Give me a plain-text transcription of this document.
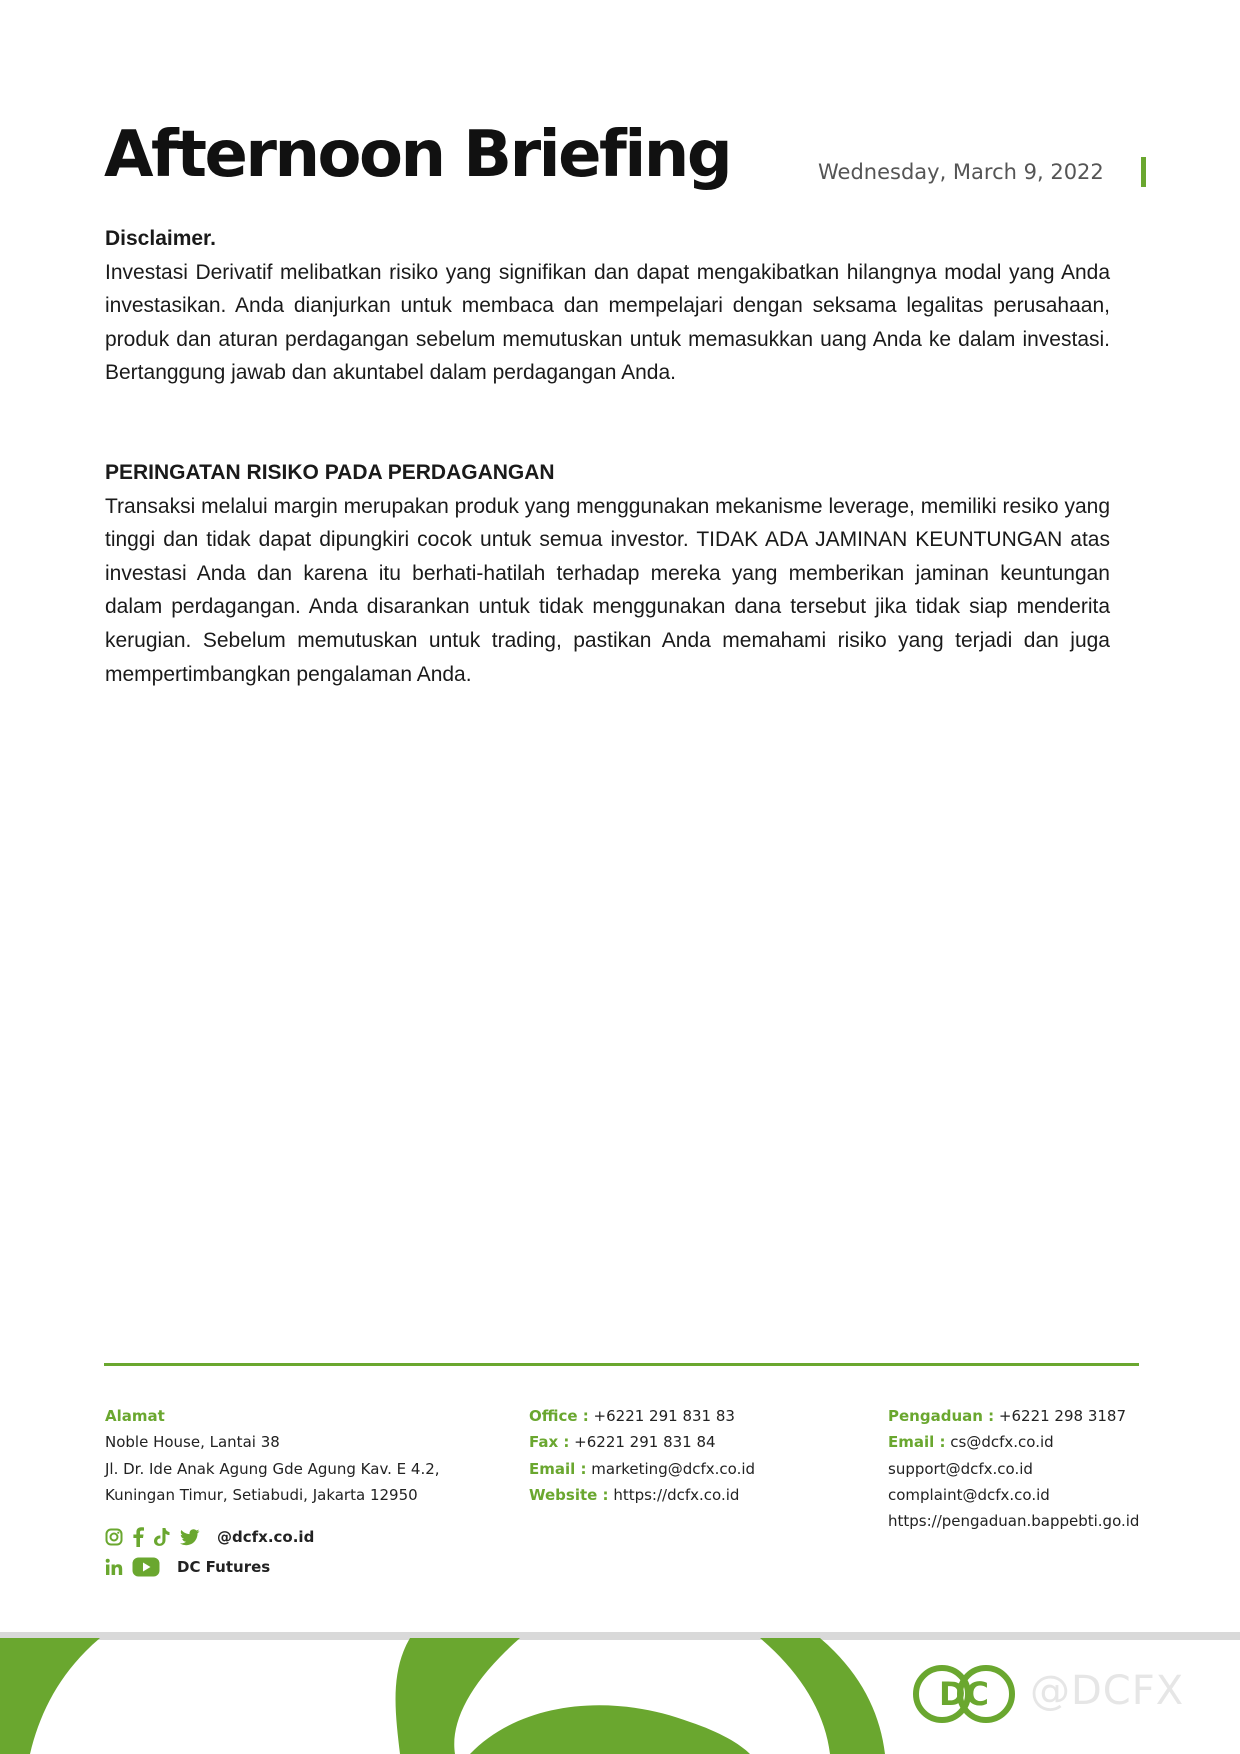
Afternoon Briefing	Wednesday, March 9, 2022
Disclaimer.

Investasi Derivatif melibatkan risiko yang signifikan dan dapat mengakibatkan hilangnya modal yang Anda investasikan. Anda dianjurkan untuk membaca dan mempelajari dengan seksama legalitas perusahaan, produk dan aturan perdagangan sebelum memutuskan untuk memasukkan uang Anda ke dalam investasi. Bertanggung jawab dan akuntabel dalam perdagangan Anda.

PERINGATAN RISIKO PADA PERDAGANGAN

Transaksi melalui margin merupakan produk yang menggunakan mekanisme leverage, memiliki resiko yang tinggi dan tidak dapat dipungkiri cocok untuk semua investor. TIDAK ADA JAMINAN KEUNTUNGAN atas investasi Anda dan karena itu berhati-hatilah terhadap mereka yang memberikan jaminan keuntungan dalam perdagangan. Anda disarankan untuk tidak menggunakan dana tersebut jika tidak siap menderita kerugian. Sebelum memutuskan untuk trading, pastikan Anda memahami risiko yang terjadi dan juga mempertimbangkan pengalaman Anda.

Alamat
Noble House, Lantai 38
Jl. Dr. Ide Anak Agung Gde Agung Kav. E 4.2,
Kuningan Timur, Setiabudi, Jakarta 12950
Office : +6221 291 831 83
Fax : +6221 291 831 84
Email : marketing@dcfx.co.id
Website : https://dcfx.co.id
Pengaduan : +6221 298 3187
Email : cs@dcfx.co.id
support@dcfx.co.id
complaint@dcfx.co.id
https://pengaduan.bappebti.go.id
@dcfx.co.id
DC Futures
DC @DCFX
